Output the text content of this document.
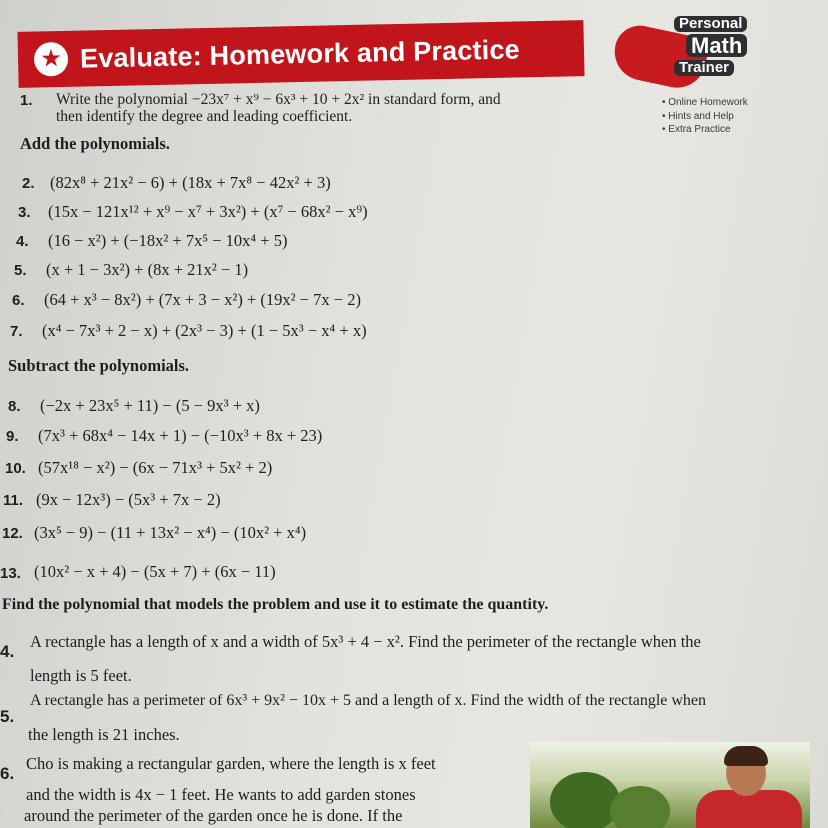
★ Evaluate: Homework and Practice
Personal
Math
Trainer
• Online Homework
• Hints and Help
• Extra Practice
1. Write the polynomial −23x⁷ + x⁹ − 6x³ + 10 + 2x² in standard form, and
then identify the degree and leading coefficient.
Add the polynomials.
2. (82x⁸ + 21x² − 6) + (18x + 7x⁸ − 42x² + 3)
3. (15x − 121x¹² + x⁹ − x⁷ + 3x²) + (x⁷ − 68x² − x⁹)
4. (16 − x²) + (−18x² + 7x⁵ − 10x⁴ + 5)
5. (x + 1 − 3x²) + (8x + 21x² − 1)
6. (64 + x³ − 8x²) + (7x + 3 − x²) + (19x² − 7x − 2)
7. (x⁴ − 7x³ + 2 − x) + (2x³ − 3) + (1 − 5x³ − x⁴ + x)
Subtract the polynomials.
8. (−2x + 23x⁵ + 11) − (5 − 9x³ + x)
9. (7x³ + 68x⁴ − 14x + 1) − (−10x³ + 8x + 23)
10. (57x¹⁸ − x²) − (6x − 71x³ + 5x² + 2)
11. (9x − 12x³) − (5x³ + 7x − 2)
12. (3x⁵ − 9) − (11 + 13x² − x⁴) − (10x² + x⁴)
13. (10x² − x + 4) − (5x + 7) + (6x − 11)
Find the polynomial that models the problem and use it to estimate the quantity.
4.
A rectangle has a length of x and a width of 5x³ + 4 − x². Find the perimeter of the rectangle when the
length is 5 feet.
5.
A rectangle has a perimeter of 6x³ + 9x² − 10x + 5 and a length of x. Find the width of the rectangle when
the length is 21 inches.
6.
Cho is making a rectangular garden, where the length is x feet
and the width is 4x − 1 feet. He wants to add garden stones
around the perimeter of the garden once he is done. If the
